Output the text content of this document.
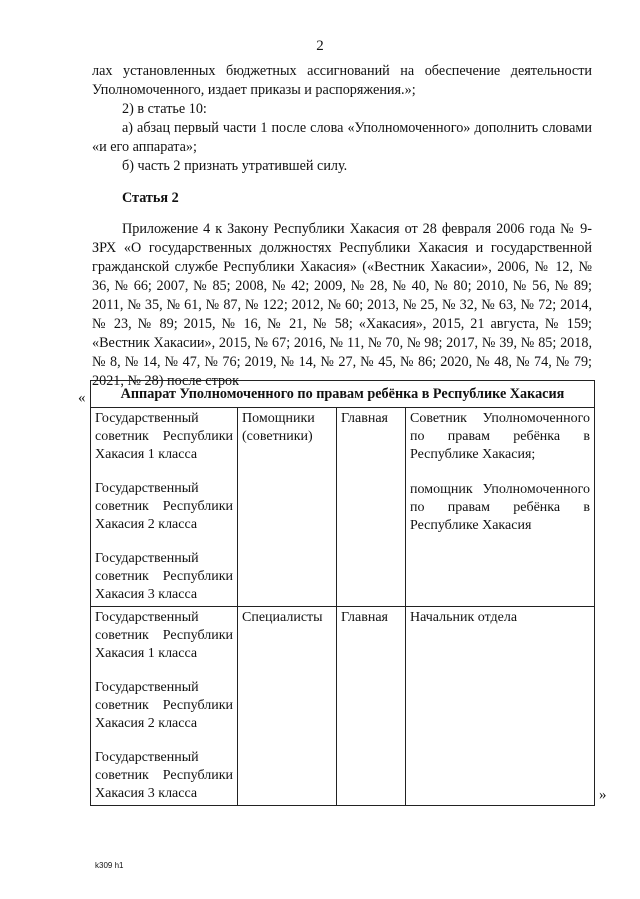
2

лах установленных бюджетных ассигнований на обеспечение деятельности Уполномоченного, издает приказы и распоряжения.»;

2) в статье 10:

а) абзац первый части 1 после слова «Уполномоченного» дополнить словами «и его аппарата»;

б) часть 2 признать утратившей силу.

Статья 2

Приложение 4 к Закону Республики Хакасия от 28 февраля 2006 года № 9-ЗРХ «О государственных должностях Республики Хакасия и государственной гражданской службе Республики Хакасия» («Вестник Хакасии», 2006, № 12, № 36, № 66; 2007, № 85; 2008, № 42; 2009, № 28, № 40, № 80; 2010, № 56, № 89; 2011, № 35, № 61, № 87, № 122; 2012, № 60; 2013, № 25, № 32, № 63, № 72; 2014, № 23, № 89; 2015, № 16, № 21, № 58; «Хакасия», 2015, 21 августа, № 159; «Вестник Хакасии», 2015, № 67; 2016, № 11, № 70, № 98; 2017, № 39, № 85; 2018, № 8, № 14, № 47, № 76; 2019, № 14, № 27, № 45, № 86; 2020, № 48, № 74, № 79; 2021, № 28) после строк

« Аппарат Уполномоченного по правам ребёнка в Республике Хакасия			

Государственный советник Республики Хакасия 1 класса
Государственный советник Республики Хакасия 2 класса
Государственный советник Республики Хакасия 3 класса	Помощники (советники)	Главная	Советник Уполномоченного по правам ребёнка в Республике Хакасия;
помощник Уполномоченного по правам ребёнка в Республике Хакасия

Государственный советник Республики Хакасия 1 класса
Государственный советник Республики Хакасия 2 класса
Государственный советник Республики Хакасия 3 класса	Специалисты	Главная	Начальник отдела
»
k309 h1
